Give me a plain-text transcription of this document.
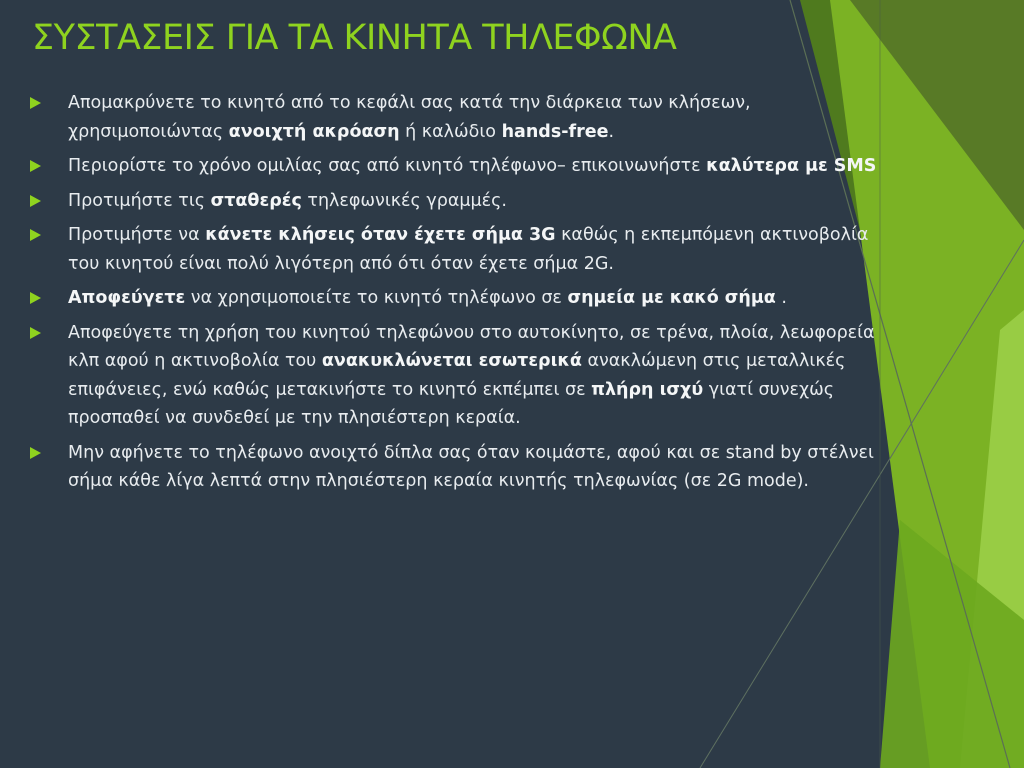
ΣΥΣΤΑΣΕΙΣ ΓΙΑ ΤΑ ΚΙΝΗΤΑ ΤΗΛΕΦΩΝΑ
Απομακρύνετε το κινητό από το κεφάλι σας κατά την διάρκεια των κλήσεων, χρησιμοποιώντας ανοιχτή ακρόαση ή καλώδιο hands-free.
Περιορίστε το χρόνο ομιλίας σας από κινητό τηλέφωνο– επικοινωνήστε καλύτερα με SMS
Προτιμήστε τις σταθερές τηλεφωνικές γραμμές.
Προτιμήστε να κάνετε κλήσεις όταν έχετε σήμα 3G καθώς η εκπεμπόμενη ακτινοβολία του κινητού είναι πολύ λιγότερη από ότι όταν έχετε σήμα 2G.
Αποφεύγετε να χρησιμοποιείτε το κινητό τηλέφωνο σε σημεία με κακό σήμα .
Αποφεύγετε τη χρήση του κινητού τηλεφώνου στο αυτοκίνητο, σε τρένα, πλοία, λεωφορεία κλπ αφού η ακτινοβολία του ανακυκλώνεται εσωτερικά ανακλώμενη στις μεταλλικές επιφάνειες, ενώ καθώς μετακινήστε το κινητό εκπέμπει σε πλήρη ισχύ γιατί συνεχώς προσπαθεί να συνδεθεί με την πλησιέστερη κεραία.
Μην αφήνετε το τηλέφωνο ανοιχτό δίπλα σας όταν κοιμάστε, αφού και σε stand by στέλνει σήμα κάθε λίγα λεπτά στην πλησιέστερη κεραία κινητής τηλεφωνίας (σε 2G mode).
